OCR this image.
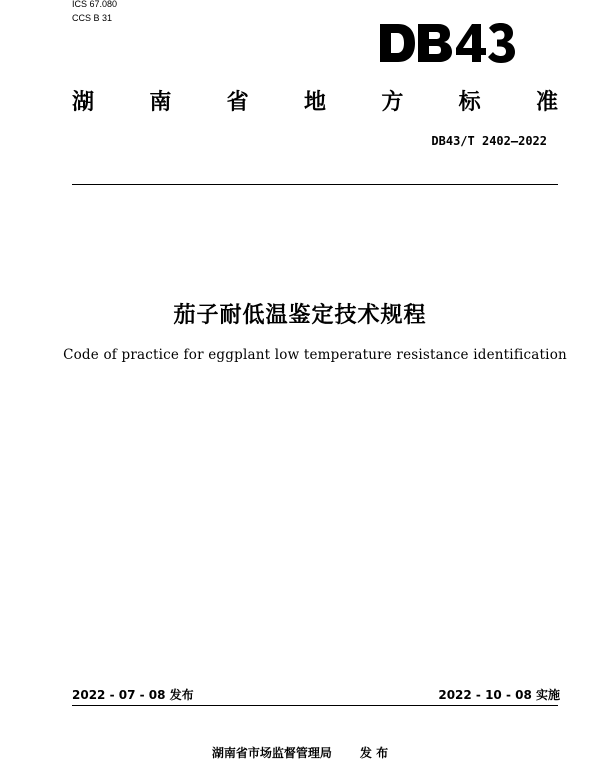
ICS 67.080
CCS B 31
湖	南	省	地	方	标	准
DB43/T 2402—2022
茄子耐低温鉴定技术规程
Code of practice for eggplant low temperature resistance identification
2022 - 07 - 08 发布	2022 - 10 - 08 实施
湖南省市场监督管理局 发 布
